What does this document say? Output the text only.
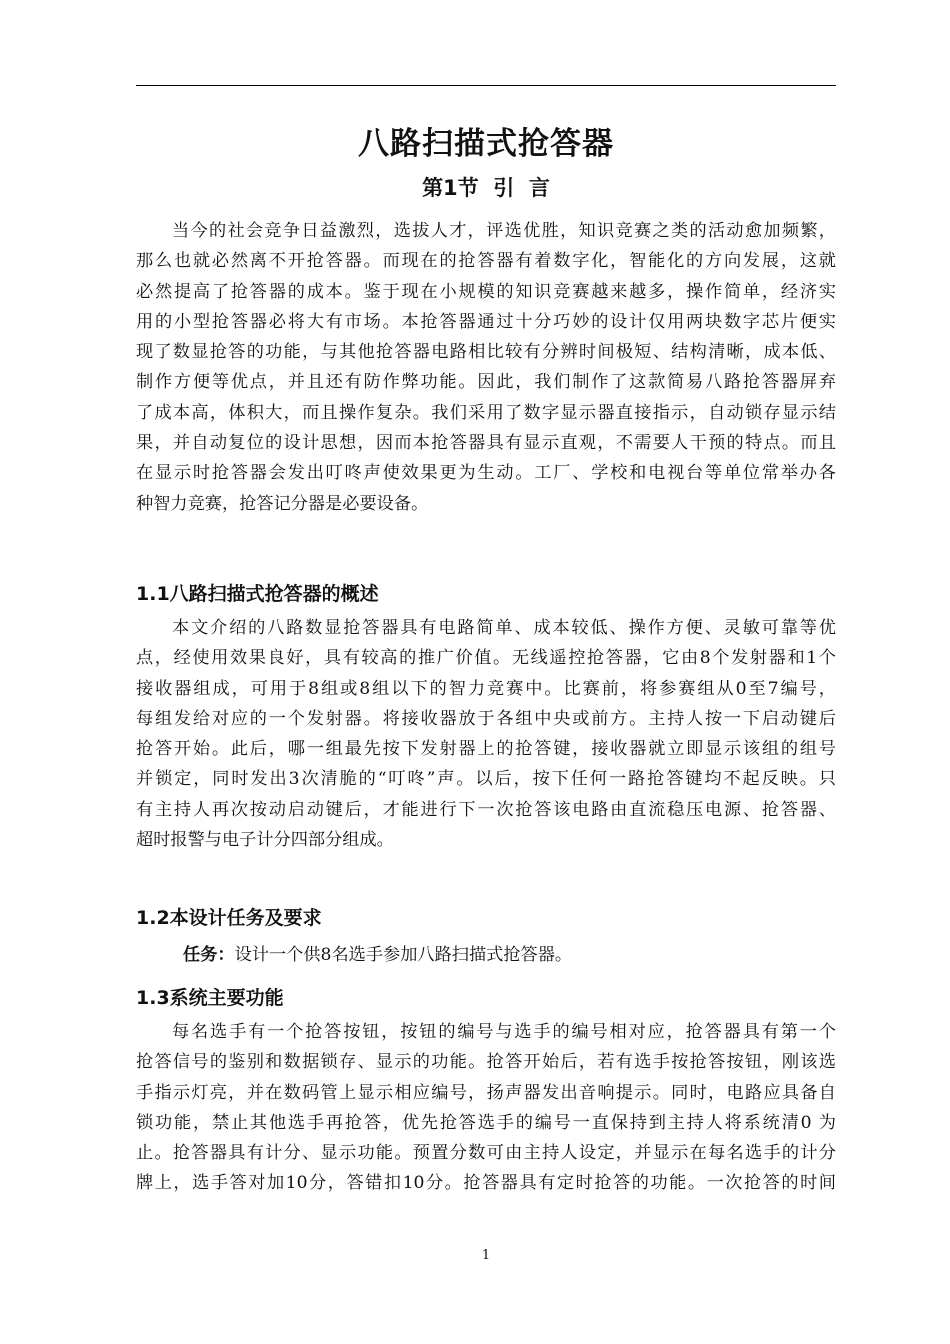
八路扫描式抢答器
第1节  引  言
当今的社会竞争日益激烈，选拔人才，评选优胜，知识竞赛之类的活动愈加频繁，
那么也就必然离不开抢答器。而现在的抢答器有着数字化，智能化的方向发展，这就
必然提高了抢答器的成本。鉴于现在小规模的知识竞赛越来越多，操作简单，经济实
用的小型抢答器必将大有市场。本抢答器通过十分巧妙的设计仅用两块数字芯片便实
现了数显抢答的功能，与其他抢答器电路相比较有分辨时间极短、结构清晰，成本低、
制作方便等优点，并且还有防作弊功能。因此，我们制作了这款简易八路抢答器屏弃
了成本高，体积大，而且操作复杂。我们采用了数字显示器直接指示，自动锁存显示结
果，并自动复位的设计思想，因而本抢答器具有显示直观，不需要人干预的特点。而且
在显示时抢答器会发出叮咚声使效果更为生动。工厂、学校和电视台等单位常举办各
种智力竞赛，抢答记分器是必要设备。
1.1八路扫描式抢答器的概述
本文介绍的八路数显抢答器具有电路简单、成本较低、操作方便、灵敏可靠等优
点，经使用效果良好，具有较高的推广价值。无线遥控抢答器，它由8个发射器和1个
接收器组成，可用于8组或8组以下的智力竞赛中。比赛前，将参赛组从0至7编号，
每组发给对应的一个发射器。将接收器放于各组中央或前方。主持人按一下启动键后
抢答开始。此后，哪一组最先按下发射器上的抢答键，接收器就立即显示该组的组号
并锁定，同时发出3次清脆的“叮咚”声。以后，按下任何一路抢答键均不起反映。只
有主持人再次按动启动键后，才能进行下一次抢答该电路由直流稳压电源、抢答器、
超时报警与电子计分四部分组成。
1.2本设计任务及要求
任务：设计一个供8名选手参加八路扫描式抢答器。
1.3系统主要功能
每名选手有一个抢答按钮，按钮的编号与选手的编号相对应，抢答器具有第一个
抢答信号的鉴别和数据锁存、显示的功能。抢答开始后，若有选手按抢答按钮，刚该选
手指示灯亮，并在数码管上显示相应编号，扬声器发出音响提示。同时，电路应具备自
锁功能，禁止其他选手再抢答，优先抢答选手的编号一直保持到主持人将系统清0 为
止。抢答器具有计分、显示功能。预置分数可由主持人设定，并显示在每名选手的计分
牌上，选手答对加10分，答错扣10分。抢答器具有定时抢答的功能。一次抢答的时间
1
